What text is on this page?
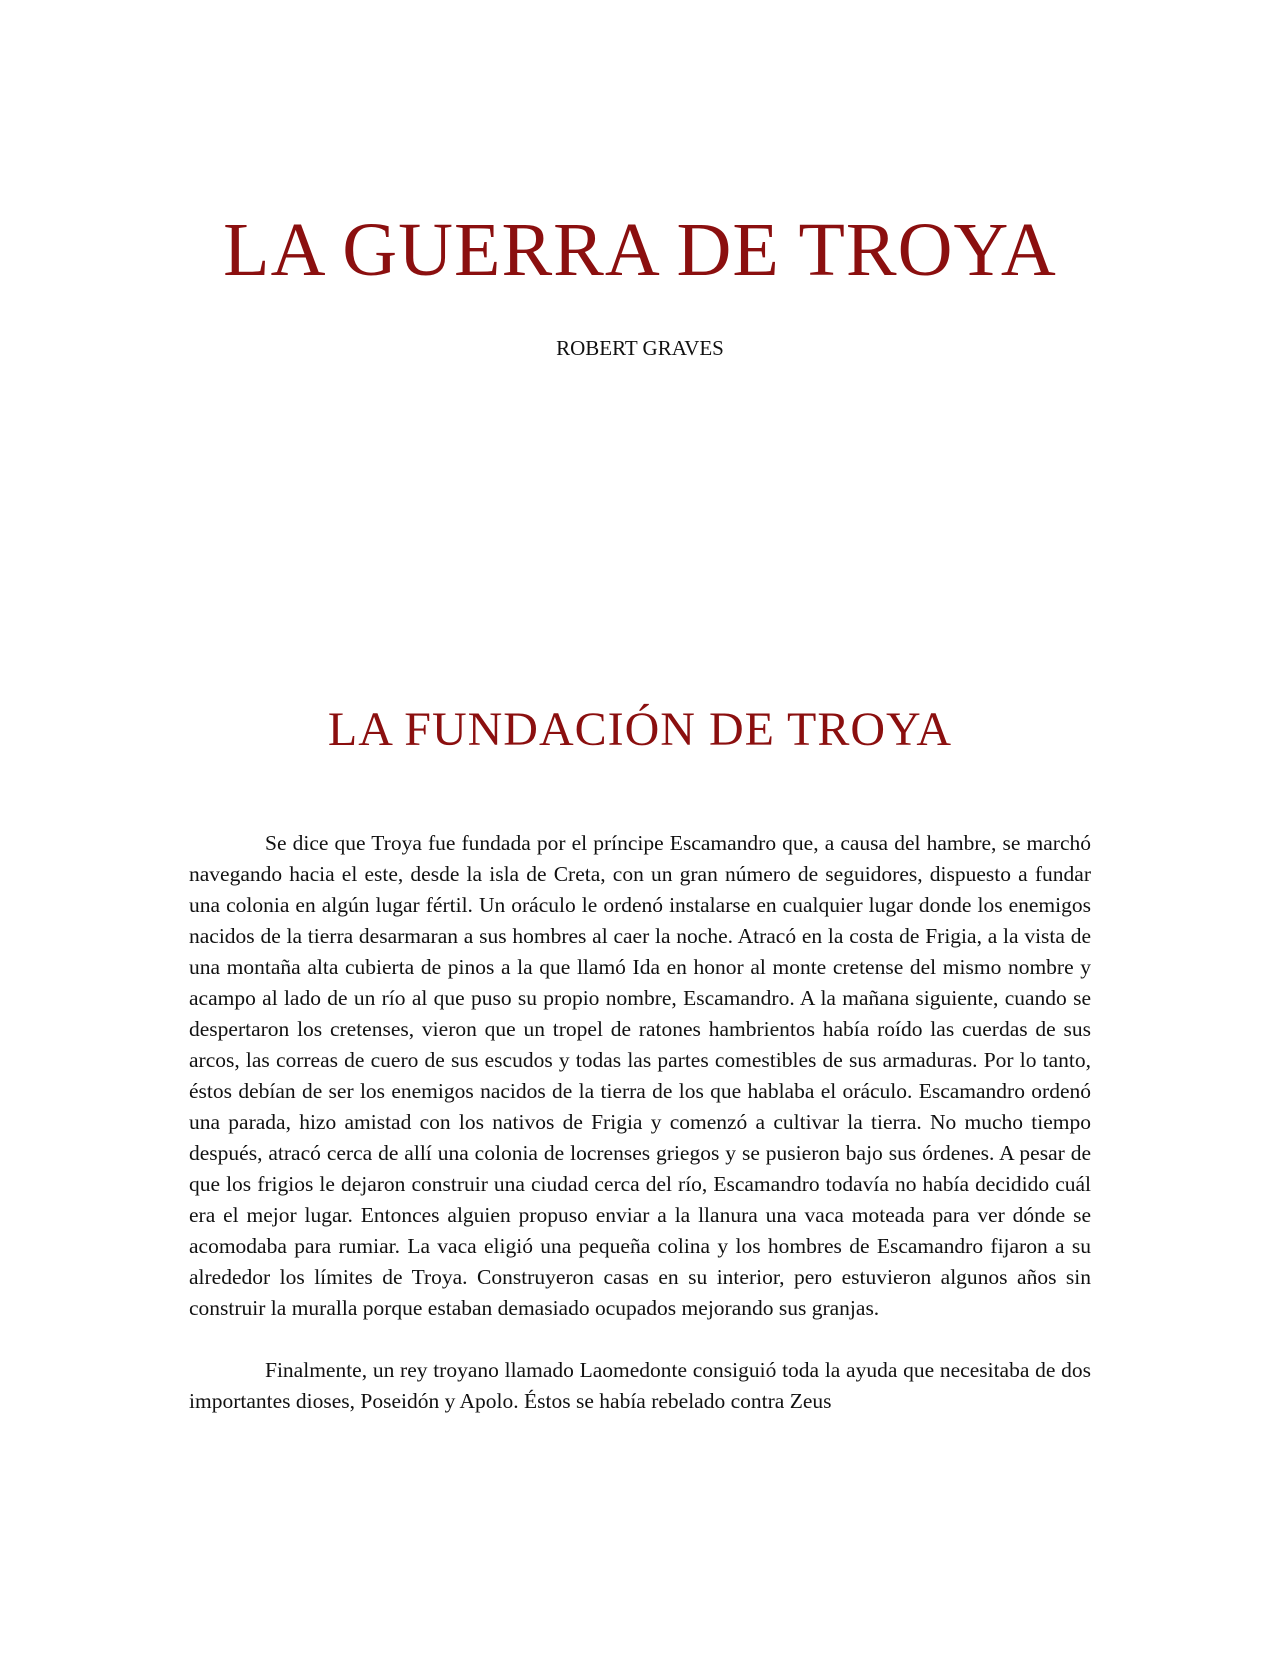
LA GUERRA DE TROYA

ROBERT GRAVES

LA FUNDACIÓN DE TROYA

Se dice que Troya fue fundada por el príncipe Escamandro que, a causa del hambre, se marchó navegando hacia el este, desde la isla de Creta, con un gran número de seguidores, dispuesto a fundar una colonia en algún lugar fértil. Un oráculo le ordenó instalarse en cualquier lugar donde los enemigos nacidos de la tierra desarmaran a sus hombres al caer la noche. Atracó en la costa de Frigia, a la vista de una montaña alta cubierta de pinos a la que llamó Ida en honor al monte cretense del mismo nombre y acampo al lado de un río al que puso su propio nombre, Escamandro. A la mañana siguiente, cuando se despertaron los cretenses, vieron que un tropel de ratones hambrientos había roído las cuerdas de sus arcos, las correas de cuero de sus escudos y todas las partes comestibles de sus armaduras. Por lo tanto, éstos debían de ser los enemigos nacidos de la tierra de los que hablaba el oráculo. Escamandro ordenó una parada, hizo amistad con los nativos de Frigia y comenzó a cultivar la tierra. No mucho tiempo después, atracó cerca de allí una colonia de locrenses griegos y se pusieron bajo sus órdenes. A pesar de que los frigios le dejaron construir una ciudad cerca del río, Escamandro todavía no había decidido cuál era el mejor lugar. Entonces alguien propuso enviar a la llanura una vaca moteada para ver dónde se acomodaba para rumiar. La vaca eligió una pequeña colina y los hombres de Escamandro fijaron a su alrededor los límites de Troya. Construyeron casas en su interior, pero estuvieron algunos años sin construir la muralla porque estaban demasiado ocupados mejorando sus granjas.

Finalmente, un rey troyano llamado Laomedonte consiguió toda la ayuda que necesitaba de dos importantes dioses, Poseidón y Apolo. Éstos se había rebelado contra Zeus
